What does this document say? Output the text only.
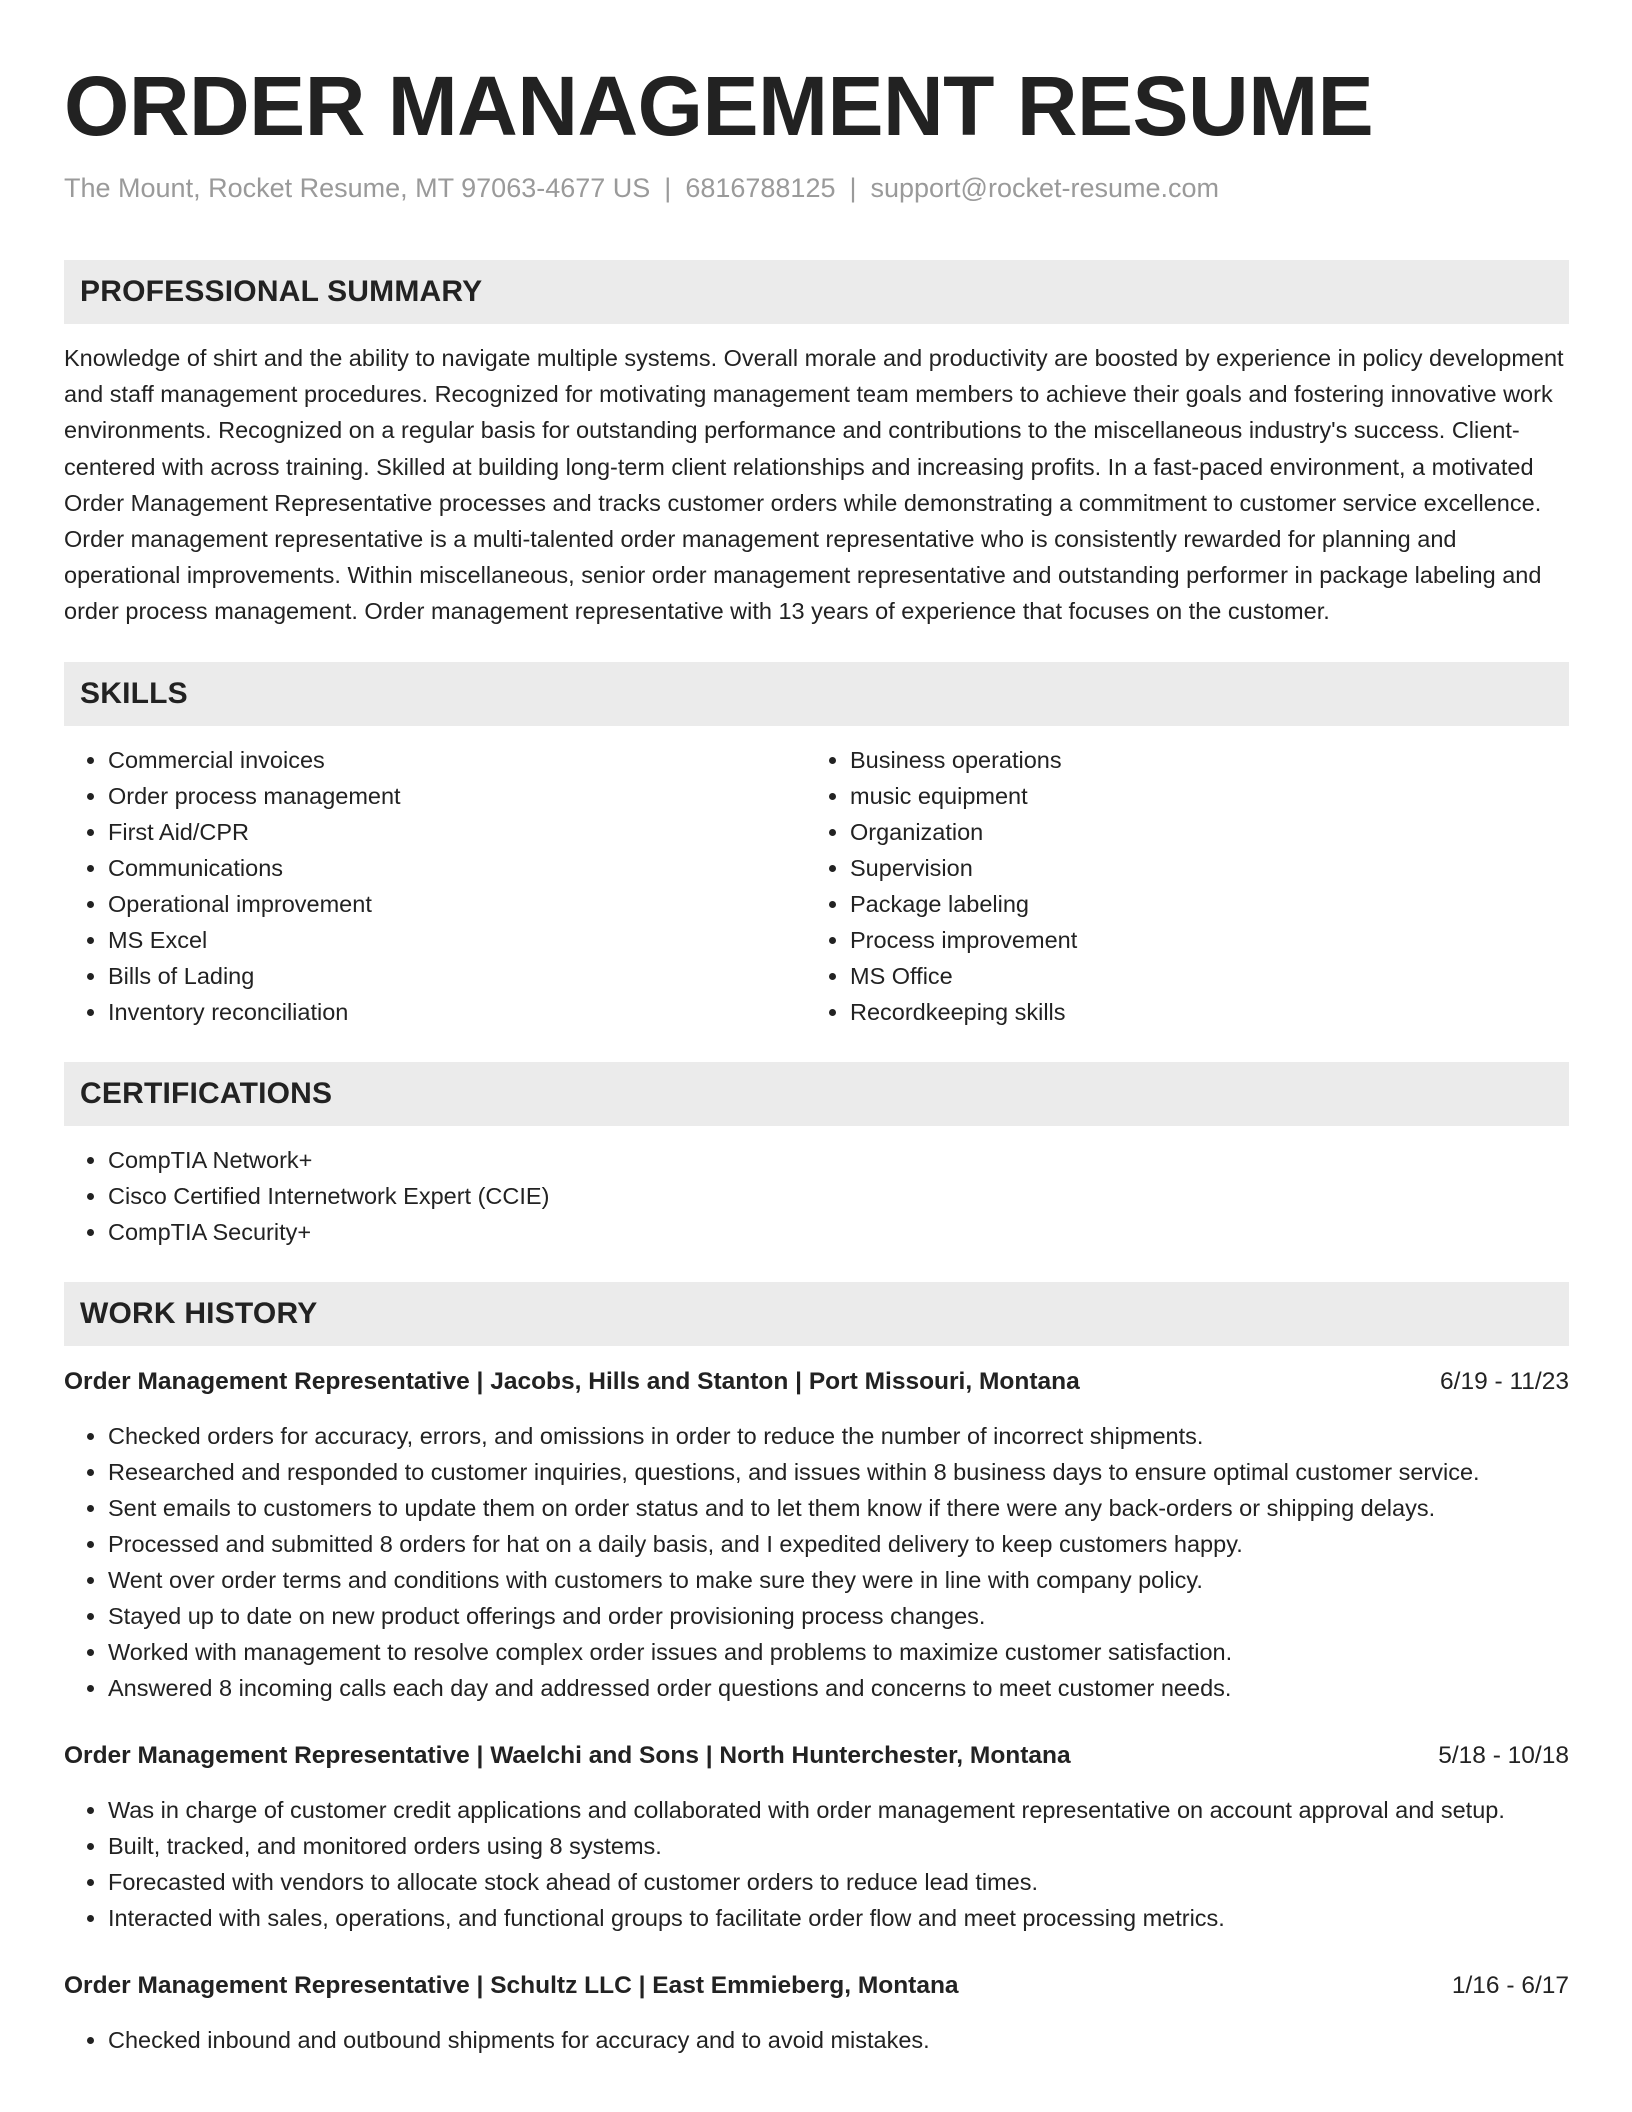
ORDER MANAGEMENT RESUME
The Mount, Rocket Resume, MT 97063-4677 US | 6816788125 | support@rocket-resume.com
PROFESSIONAL SUMMARY
Knowledge of shirt and the ability to navigate multiple systems. Overall morale and productivity are boosted by experience in policy development and staff management procedures. Recognized for motivating management team members to achieve their goals and fostering innovative work environments. Recognized on a regular basis for outstanding performance and contributions to the miscellaneous industry's success. Client-centered with across training. Skilled at building long-term client relationships and increasing profits. In a fast-paced environment, a motivated Order Management Representative processes and tracks customer orders while demonstrating a commitment to customer service excellence. Order management representative is a multi-talented order management representative who is consistently rewarded for planning and operational improvements. Within miscellaneous, senior order management representative and outstanding performer in package labeling and order process management. Order management representative with 13 years of experience that focuses on the customer.
SKILLS
• Commercial invoices
• Order process management
• First Aid/CPR
• Communications
• Operational improvement
• MS Excel
• Bills of Lading
• Inventory reconciliation
• Business operations
• music equipment
• Organization
• Supervision
• Package labeling
• Process improvement
• MS Office
• Recordkeeping skills
CERTIFICATIONS
• CompTIA Network+
• Cisco Certified Internetwork Expert (CCIE)
• CompTIA Security+
WORK HISTORY
Order Management Representative | Jacobs, Hills and Stanton | Port Missouri, Montana	6/19 - 11/23
• Checked orders for accuracy, errors, and omissions in order to reduce the number of incorrect shipments.
• Researched and responded to customer inquiries, questions, and issues within 8 business days to ensure optimal customer service.
• Sent emails to customers to update them on order status and to let them know if there were any back-orders or shipping delays.
• Processed and submitted 8 orders for hat on a daily basis, and I expedited delivery to keep customers happy.
• Went over order terms and conditions with customers to make sure they were in line with company policy.
• Stayed up to date on new product offerings and order provisioning process changes.
• Worked with management to resolve complex order issues and problems to maximize customer satisfaction.
• Answered 8 incoming calls each day and addressed order questions and concerns to meet customer needs.
Order Management Representative | Waelchi and Sons | North Hunterchester, Montana	5/18 - 10/18
• Was in charge of customer credit applications and collaborated with order management representative on account approval and setup.
• Built, tracked, and monitored orders using 8 systems.
• Forecasted with vendors to allocate stock ahead of customer orders to reduce lead times.
• Interacted with sales, operations, and functional groups to facilitate order flow and meet processing metrics.
Order Management Representative | Schultz LLC | East Emmieberg, Montana	1/16 - 6/17
• Checked inbound and outbound shipments for accuracy and to avoid mistakes.
